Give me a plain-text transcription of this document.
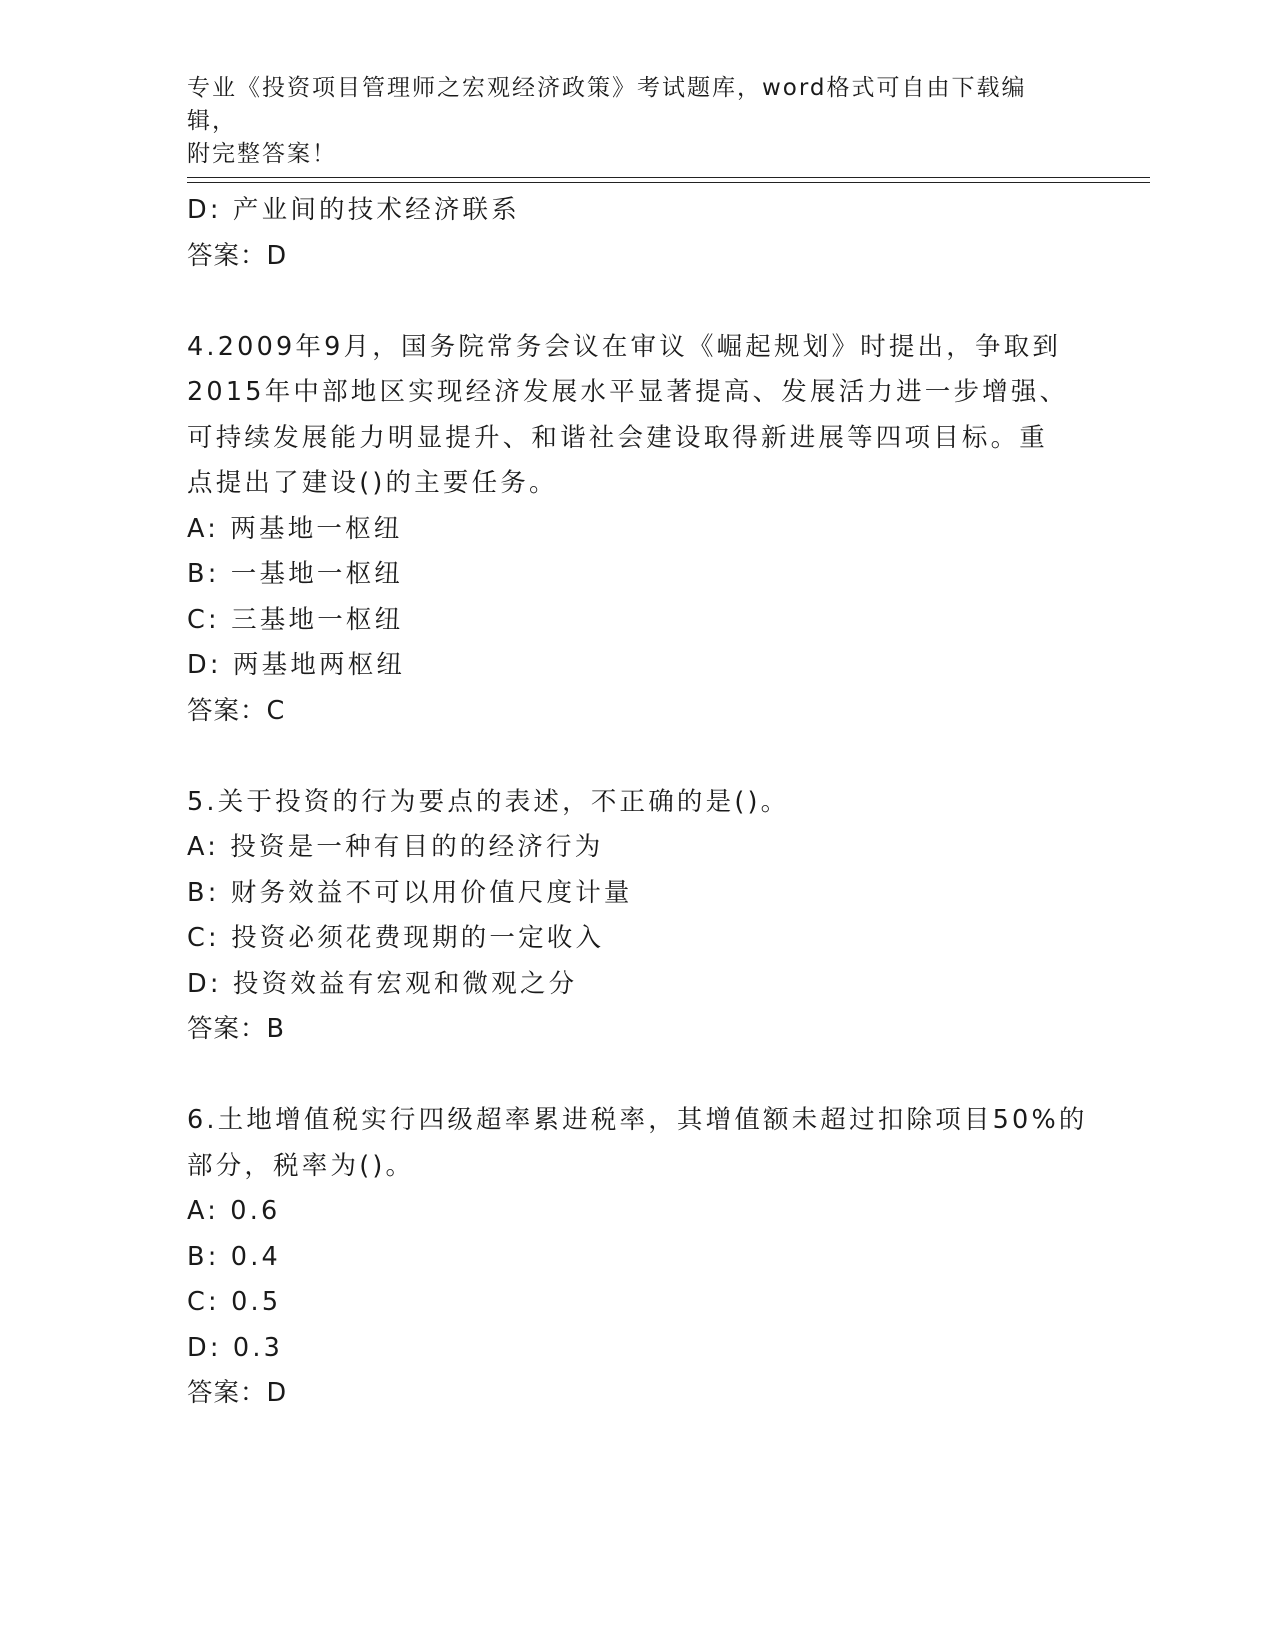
专业《投资项目管理师之宏观经济政策》考试题库，word格式可自由下载编辑，
附完整答案！
D: 产业间的技术经济联系
答案：D
4.2009年9月，国务院常务会议在审议《崛起规划》时提出，争取到
2015年中部地区实现经济发展水平显著提高、发展活力进一步增强、
可持续发展能力明显提升、和谐社会建设取得新进展等四项目标。重
点提出了建设()的主要任务。
A: 两基地一枢纽
B: 一基地一枢纽
C: 三基地一枢纽
D: 两基地两枢纽
答案：C
5.关于投资的行为要点的表述，不正确的是()。
A: 投资是一种有目的的经济行为
B: 财务效益不可以用价值尺度计量
C: 投资必须花费现期的一定收入
D: 投资效益有宏观和微观之分
答案：B
6.土地增值税实行四级超率累进税率，其增值额未超过扣除项目50%的
部分，税率为()。
A: 0.6
B: 0.4
C: 0.5
D: 0.3
答案：D
